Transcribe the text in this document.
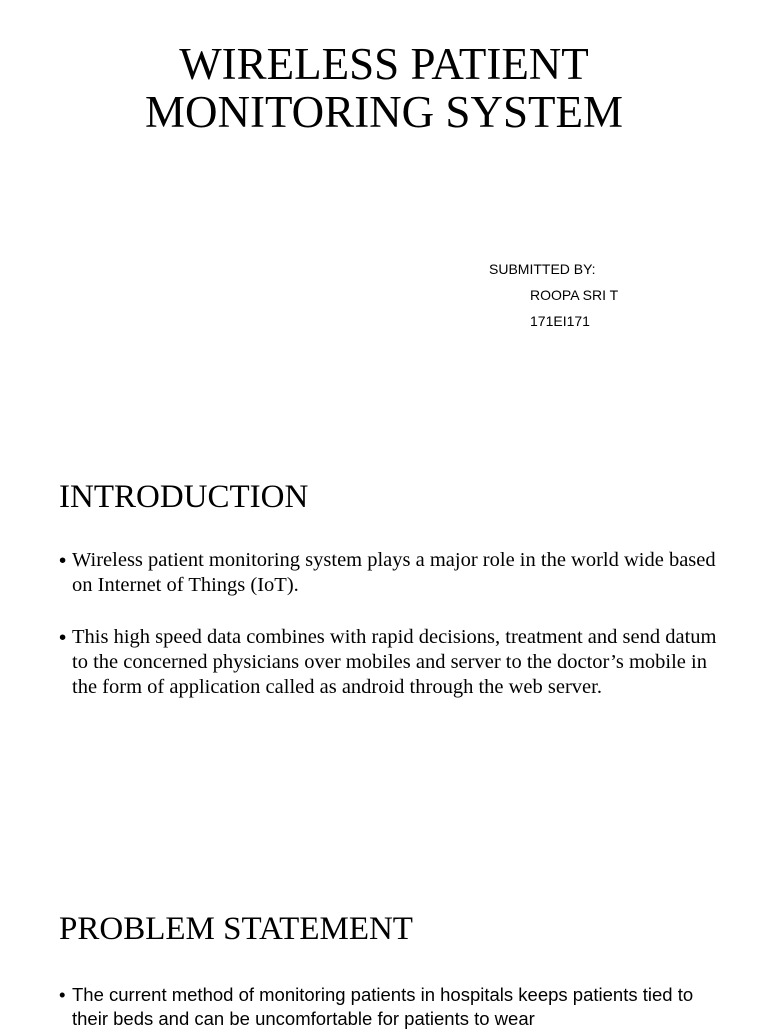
WIRELESS PATIENT
MONITORING SYSTEM
SUBMITTED BY:
ROOPA SRI T
171EI171
INTRODUCTION
• Wireless patient monitoring system plays a major role in the world wide based on Internet of Things (IoT).
• This high speed data combines with rapid decisions, treatment and send datum to the concerned physicians over mobiles and server to the doctor’s mobile in the form of application called as android through the web server.
PROBLEM STATEMENT
• The current method of monitoring patients in hospitals keeps patients tied to their beds and can be uncomfortable for patients to wear
